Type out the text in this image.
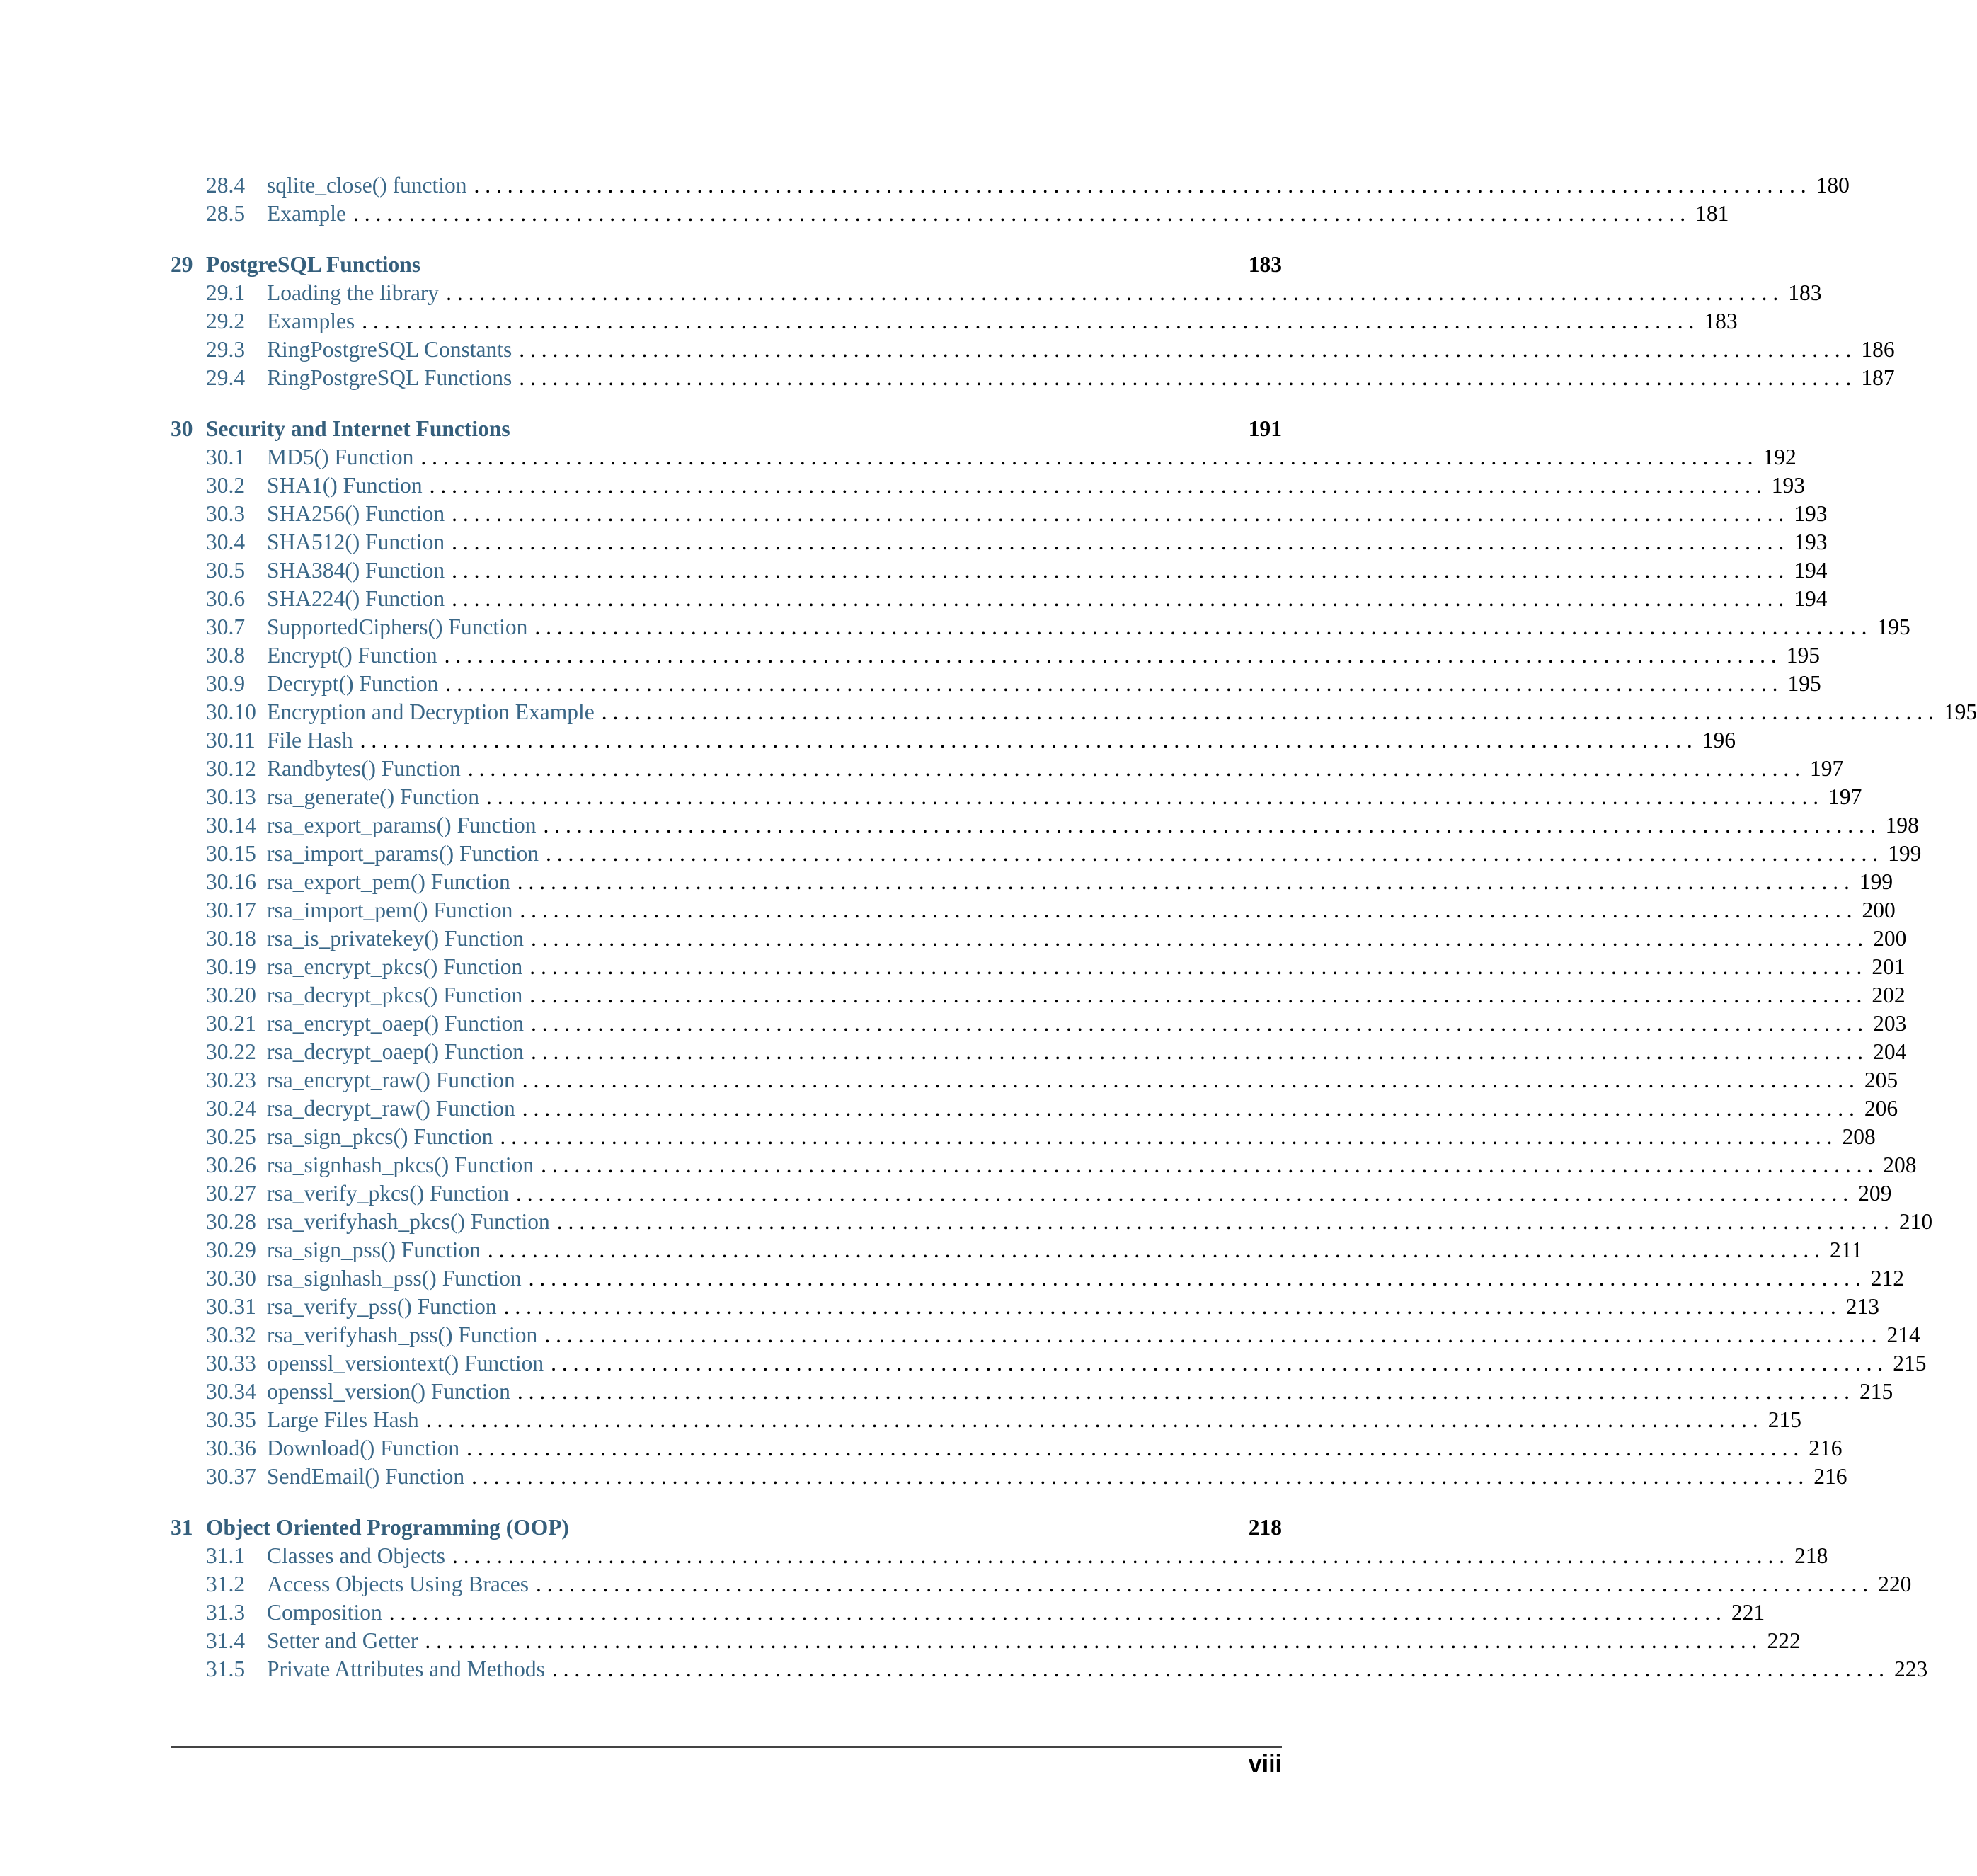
28.4 sqlite_close() function . . . . . . . . . . . . . . . . . . . . . . . . . . . . . . . . . . . . . . . . . . . . . . . . . . . . . . . . . . . . . . . . . . . . . . . . . . . . . . . . . . . . . . . . . . . . . . . . . . . . . . . . . . . . . . . . . . . . . . . . 180
28.5 Example . . . . . . . . . . . . . . . . . . . . . . . . . . . . . . . . . . . . . . . . . . . . . . . . . . . . . . . . . . . . . . . . . . . . . . . . . . . . . . . . . . . . . . . . . . . . . . . . . . . . . . . . . . . . . . . . . . . . . . . . 181
29 PostgreSQL Functions	183
29.1 Loading the library . . . . . . . . . . . . . . . . . . . . . . . . . . . . . . . . . . . . . . . . . . . . . . . . . . . . . . . . . . . . . . . . . . . . . . . . . . . . . . . . . . . . . . . . . . . . . . . . . . . . . . . . . . . . . . . . . . . . . . . . 183
29.2 Examples . . . . . . . . . . . . . . . . . . . . . . . . . . . . . . . . . . . . . . . . . . . . . . . . . . . . . . . . . . . . . . . . . . . . . . . . . . . . . . . . . . . . . . . . . . . . . . . . . . . . . . . . . . . . . . . . . . . . . . . . 183
29.3 RingPostgreSQL Constants . . . . . . . . . . . . . . . . . . . . . . . . . . . . . . . . . . . . . . . . . . . . . . . . . . . . . . . . . . . . . . . . . . . . . . . . . . . . . . . . . . . . . . . . . . . . . . . . . . . . . . . . . . . . . . . . . . . . . . . . 186
29.4 RingPostgreSQL Functions . . . . . . . . . . . . . . . . . . . . . . . . . . . . . . . . . . . . . . . . . . . . . . . . . . . . . . . . . . . . . . . . . . . . . . . . . . . . . . . . . . . . . . . . . . . . . . . . . . . . . . . . . . . . . . . . . . . . . . . . 187
30 Security and Internet Functions	191
30.1 MD5() Function . . . . . . . . . . . . . . . . . . . . . . . . . . . . . . . . . . . . . . . . . . . . . . . . . . . . . . . . . . . . . . . . . . . . . . . . . . . . . . . . . . . . . . . . . . . . . . . . . . . . . . . . . . . . . . . . . . . . . . . . 192
30.2 SHA1() Function . . . . . . . . . . . . . . . . . . . . . . . . . . . . . . . . . . . . . . . . . . . . . . . . . . . . . . . . . . . . . . . . . . . . . . . . . . . . . . . . . . . . . . . . . . . . . . . . . . . . . . . . . . . . . . . . . . . . . . . . 193
30.3 SHA256() Function . . . . . . . . . . . . . . . . . . . . . . . . . . . . . . . . . . . . . . . . . . . . . . . . . . . . . . . . . . . . . . . . . . . . . . . . . . . . . . . . . . . . . . . . . . . . . . . . . . . . . . . . . . . . . . . . . . . . . . . . 193
30.4 SHA512() Function . . . . . . . . . . . . . . . . . . . . . . . . . . . . . . . . . . . . . . . . . . . . . . . . . . . . . . . . . . . . . . . . . . . . . . . . . . . . . . . . . . . . . . . . . . . . . . . . . . . . . . . . . . . . . . . . . . . . . . . . 193
30.5 SHA384() Function . . . . . . . . . . . . . . . . . . . . . . . . . . . . . . . . . . . . . . . . . . . . . . . . . . . . . . . . . . . . . . . . . . . . . . . . . . . . . . . . . . . . . . . . . . . . . . . . . . . . . . . . . . . . . . . . . . . . . . . . 194
30.6 SHA224() Function . . . . . . . . . . . . . . . . . . . . . . . . . . . . . . . . . . . . . . . . . . . . . . . . . . . . . . . . . . . . . . . . . . . . . . . . . . . . . . . . . . . . . . . . . . . . . . . . . . . . . . . . . . . . . . . . . . . . . . . . 194
30.7 SupportedCiphers() Function . . . . . . . . . . . . . . . . . . . . . . . . . . . . . . . . . . . . . . . . . . . . . . . . . . . . . . . . . . . . . . . . . . . . . . . . . . . . . . . . . . . . . . . . . . . . . . . . . . . . . . . . . . . . . . . . . . . . . . . . 195
30.8 Encrypt() Function . . . . . . . . . . . . . . . . . . . . . . . . . . . . . . . . . . . . . . . . . . . . . . . . . . . . . . . . . . . . . . . . . . . . . . . . . . . . . . . . . . . . . . . . . . . . . . . . . . . . . . . . . . . . . . . . . . . . . . . . 195
30.9 Decrypt() Function . . . . . . . . . . . . . . . . . . . . . . . . . . . . . . . . . . . . . . . . . . . . . . . . . . . . . . . . . . . . . . . . . . . . . . . . . . . . . . . . . . . . . . . . . . . . . . . . . . . . . . . . . . . . . . . . . . . . . . . . 195
30.10 Encryption and Decryption Example . . . . . . . . . . . . . . . . . . . . . . . . . . . . . . . . . . . . . . . . . . . . . . . . . . . . . . . . . . . . . . . . . . . . . . . . . . . . . . . . . . . . . . . . . . . . . . . . . . . . . . . . . . . . . . . . . . . . . . . . 195
30.11 File Hash . . . . . . . . . . . . . . . . . . . . . . . . . . . . . . . . . . . . . . . . . . . . . . . . . . . . . . . . . . . . . . . . . . . . . . . . . . . . . . . . . . . . . . . . . . . . . . . . . . . . . . . . . . . . . . . . . . . . . . . . 196
30.12 Randbytes() Function . . . . . . . . . . . . . . . . . . . . . . . . . . . . . . . . . . . . . . . . . . . . . . . . . . . . . . . . . . . . . . . . . . . . . . . . . . . . . . . . . . . . . . . . . . . . . . . . . . . . . . . . . . . . . . . . . . . . . . . . 197
30.13 rsa_generate() Function . . . . . . . . . . . . . . . . . . . . . . . . . . . . . . . . . . . . . . . . . . . . . . . . . . . . . . . . . . . . . . . . . . . . . . . . . . . . . . . . . . . . . . . . . . . . . . . . . . . . . . . . . . . . . . . . . . . . . . . . 197
30.14 rsa_export_params() Function . . . . . . . . . . . . . . . . . . . . . . . . . . . . . . . . . . . . . . . . . . . . . . . . . . . . . . . . . . . . . . . . . . . . . . . . . . . . . . . . . . . . . . . . . . . . . . . . . . . . . . . . . . . . . . . . . . . . . . . . 198
30.15 rsa_import_params() Function . . . . . . . . . . . . . . . . . . . . . . . . . . . . . . . . . . . . . . . . . . . . . . . . . . . . . . . . . . . . . . . . . . . . . . . . . . . . . . . . . . . . . . . . . . . . . . . . . . . . . . . . . . . . . . . . . . . . . . . . 199
30.16 rsa_export_pem() Function . . . . . . . . . . . . . . . . . . . . . . . . . . . . . . . . . . . . . . . . . . . . . . . . . . . . . . . . . . . . . . . . . . . . . . . . . . . . . . . . . . . . . . . . . . . . . . . . . . . . . . . . . . . . . . . . . . . . . . . . 199
30.17 rsa_import_pem() Function . . . . . . . . . . . . . . . . . . . . . . . . . . . . . . . . . . . . . . . . . . . . . . . . . . . . . . . . . . . . . . . . . . . . . . . . . . . . . . . . . . . . . . . . . . . . . . . . . . . . . . . . . . . . . . . . . . . . . . . . 200
30.18 rsa_is_privatekey() Function . . . . . . . . . . . . . . . . . . . . . . . . . . . . . . . . . . . . . . . . . . . . . . . . . . . . . . . . . . . . . . . . . . . . . . . . . . . . . . . . . . . . . . . . . . . . . . . . . . . . . . . . . . . . . . . . . . . . . . . . 200
30.19 rsa_encrypt_pkcs() Function . . . . . . . . . . . . . . . . . . . . . . . . . . . . . . . . . . . . . . . . . . . . . . . . . . . . . . . . . . . . . . . . . . . . . . . . . . . . . . . . . . . . . . . . . . . . . . . . . . . . . . . . . . . . . . . . . . . . . . . . 201
30.20 rsa_decrypt_pkcs() Function . . . . . . . . . . . . . . . . . . . . . . . . . . . . . . . . . . . . . . . . . . . . . . . . . . . . . . . . . . . . . . . . . . . . . . . . . . . . . . . . . . . . . . . . . . . . . . . . . . . . . . . . . . . . . . . . . . . . . . . . 202
30.21 rsa_encrypt_oaep() Function . . . . . . . . . . . . . . . . . . . . . . . . . . . . . . . . . . . . . . . . . . . . . . . . . . . . . . . . . . . . . . . . . . . . . . . . . . . . . . . . . . . . . . . . . . . . . . . . . . . . . . . . . . . . . . . . . . . . . . . . 203
30.22 rsa_decrypt_oaep() Function . . . . . . . . . . . . . . . . . . . . . . . . . . . . . . . . . . . . . . . . . . . . . . . . . . . . . . . . . . . . . . . . . . . . . . . . . . . . . . . . . . . . . . . . . . . . . . . . . . . . . . . . . . . . . . . . . . . . . . . . 204
30.23 rsa_encrypt_raw() Function . . . . . . . . . . . . . . . . . . . . . . . . . . . . . . . . . . . . . . . . . . . . . . . . . . . . . . . . . . . . . . . . . . . . . . . . . . . . . . . . . . . . . . . . . . . . . . . . . . . . . . . . . . . . . . . . . . . . . . . . 205
30.24 rsa_decrypt_raw() Function . . . . . . . . . . . . . . . . . . . . . . . . . . . . . . . . . . . . . . . . . . . . . . . . . . . . . . . . . . . . . . . . . . . . . . . . . . . . . . . . . . . . . . . . . . . . . . . . . . . . . . . . . . . . . . . . . . . . . . . . 206
30.25 rsa_sign_pkcs() Function . . . . . . . . . . . . . . . . . . . . . . . . . . . . . . . . . . . . . . . . . . . . . . . . . . . . . . . . . . . . . . . . . . . . . . . . . . . . . . . . . . . . . . . . . . . . . . . . . . . . . . . . . . . . . . . . . . . . . . . . 208
30.26 rsa_signhash_pkcs() Function . . . . . . . . . . . . . . . . . . . . . . . . . . . . . . . . . . . . . . . . . . . . . . . . . . . . . . . . . . . . . . . . . . . . . . . . . . . . . . . . . . . . . . . . . . . . . . . . . . . . . . . . . . . . . . . . . . . . . . . . 208
30.27 rsa_verify_pkcs() Function . . . . . . . . . . . . . . . . . . . . . . . . . . . . . . . . . . . . . . . . . . . . . . . . . . . . . . . . . . . . . . . . . . . . . . . . . . . . . . . . . . . . . . . . . . . . . . . . . . . . . . . . . . . . . . . . . . . . . . . . 209
30.28 rsa_verifyhash_pkcs() Function . . . . . . . . . . . . . . . . . . . . . . . . . . . . . . . . . . . . . . . . . . . . . . . . . . . . . . . . . . . . . . . . . . . . . . . . . . . . . . . . . . . . . . . . . . . . . . . . . . . . . . . . . . . . . . . . . . . . . . . . 210
30.29 rsa_sign_pss() Function . . . . . . . . . . . . . . . . . . . . . . . . . . . . . . . . . . . . . . . . . . . . . . . . . . . . . . . . . . . . . . . . . . . . . . . . . . . . . . . . . . . . . . . . . . . . . . . . . . . . . . . . . . . . . . . . . . . . . . . . 211
30.30 rsa_signhash_pss() Function . . . . . . . . . . . . . . . . . . . . . . . . . . . . . . . . . . . . . . . . . . . . . . . . . . . . . . . . . . . . . . . . . . . . . . . . . . . . . . . . . . . . . . . . . . . . . . . . . . . . . . . . . . . . . . . . . . . . . . . . 212
30.31 rsa_verify_pss() Function . . . . . . . . . . . . . . . . . . . . . . . . . . . . . . . . . . . . . . . . . . . . . . . . . . . . . . . . . . . . . . . . . . . . . . . . . . . . . . . . . . . . . . . . . . . . . . . . . . . . . . . . . . . . . . . . . . . . . . . . 213
30.32 rsa_verifyhash_pss() Function . . . . . . . . . . . . . . . . . . . . . . . . . . . . . . . . . . . . . . . . . . . . . . . . . . . . . . . . . . . . . . . . . . . . . . . . . . . . . . . . . . . . . . . . . . . . . . . . . . . . . . . . . . . . . . . . . . . . . . . . 214
30.33 openssl_versiontext() Function . . . . . . . . . . . . . . . . . . . . . . . . . . . . . . . . . . . . . . . . . . . . . . . . . . . . . . . . . . . . . . . . . . . . . . . . . . . . . . . . . . . . . . . . . . . . . . . . . . . . . . . . . . . . . . . . . . . . . . . . 215
30.34 openssl_version() Function . . . . . . . . . . . . . . . . . . . . . . . . . . . . . . . . . . . . . . . . . . . . . . . . . . . . . . . . . . . . . . . . . . . . . . . . . . . . . . . . . . . . . . . . . . . . . . . . . . . . . . . . . . . . . . . . . . . . . . . . 215
30.35 Large Files Hash . . . . . . . . . . . . . . . . . . . . . . . . . . . . . . . . . . . . . . . . . . . . . . . . . . . . . . . . . . . . . . . . . . . . . . . . . . . . . . . . . . . . . . . . . . . . . . . . . . . . . . . . . . . . . . . . . . . . . . . . 215
30.36 Download() Function . . . . . . . . . . . . . . . . . . . . . . . . . . . . . . . . . . . . . . . . . . . . . . . . . . . . . . . . . . . . . . . . . . . . . . . . . . . . . . . . . . . . . . . . . . . . . . . . . . . . . . . . . . . . . . . . . . . . . . . . 216
30.37 SendEmail() Function . . . . . . . . . . . . . . . . . . . . . . . . . . . . . . . . . . . . . . . . . . . . . . . . . . . . . . . . . . . . . . . . . . . . . . . . . . . . . . . . . . . . . . . . . . . . . . . . . . . . . . . . . . . . . . . . . . . . . . . . 216
31 Object Oriented Programming (OOP)	218
31.1 Classes and Objects . . . . . . . . . . . . . . . . . . . . . . . . . . . . . . . . . . . . . . . . . . . . . . . . . . . . . . . . . . . . . . . . . . . . . . . . . . . . . . . . . . . . . . . . . . . . . . . . . . . . . . . . . . . . . . . . . . . . . . . . 218
31.2 Access Objects Using Braces . . . . . . . . . . . . . . . . . . . . . . . . . . . . . . . . . . . . . . . . . . . . . . . . . . . . . . . . . . . . . . . . . . . . . . . . . . . . . . . . . . . . . . . . . . . . . . . . . . . . . . . . . . . . . . . . . . . . . . . . 220
31.3 Composition . . . . . . . . . . . . . . . . . . . . . . . . . . . . . . . . . . . . . . . . . . . . . . . . . . . . . . . . . . . . . . . . . . . . . . . . . . . . . . . . . . . . . . . . . . . . . . . . . . . . . . . . . . . . . . . . . . . . . . . . 221
31.4 Setter and Getter . . . . . . . . . . . . . . . . . . . . . . . . . . . . . . . . . . . . . . . . . . . . . . . . . . . . . . . . . . . . . . . . . . . . . . . . . . . . . . . . . . . . . . . . . . . . . . . . . . . . . . . . . . . . . . . . . . . . . . . . 222
31.5 Private Attributes and Methods . . . . . . . . . . . . . . . . . . . . . . . . . . . . . . . . . . . . . . . . . . . . . . . . . . . . . . . . . . . . . . . . . . . . . . . . . . . . . . . . . . . . . . . . . . . . . . . . . . . . . . . . . . . . . . . . . . . . . . . . 223
viii
